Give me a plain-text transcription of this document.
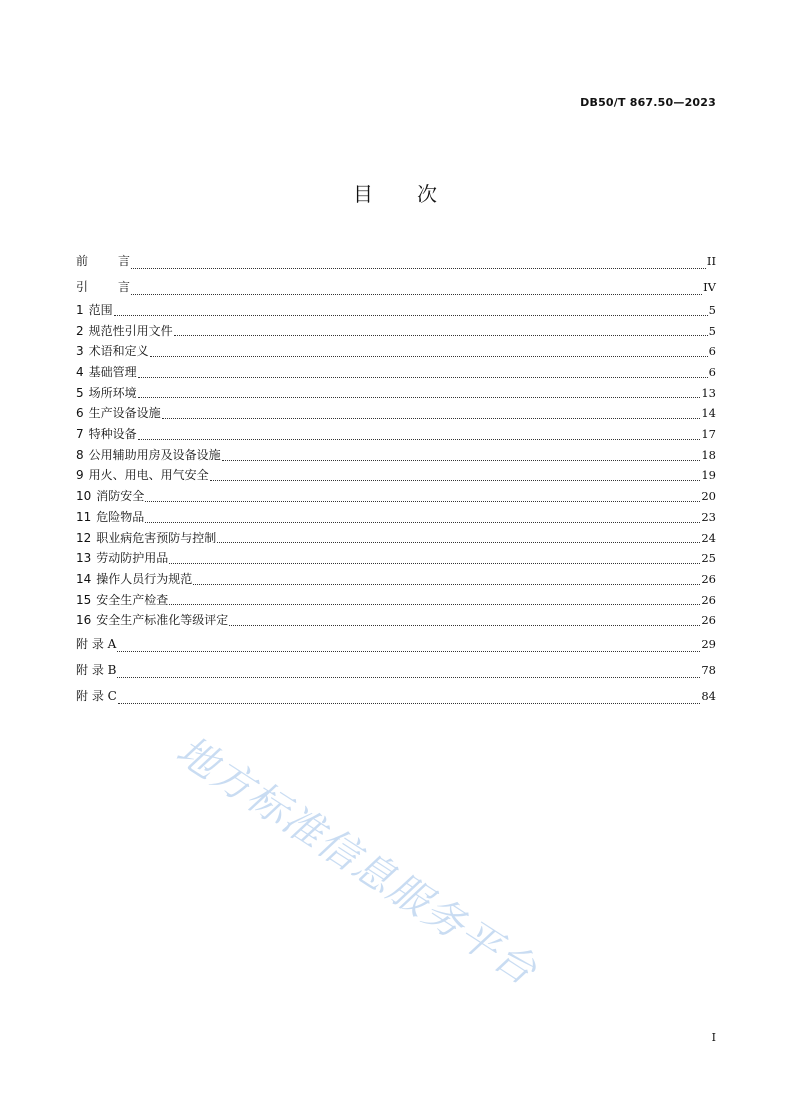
DB50/T 867.50—2023
目 次
前言	II
引言	IV
1 范围	5
2 规范性引用文件	5
3 术语和定义	6
4 基础管理	6
5 场所环境	13
6 生产设备设施	14
7 特种设备	17
8 公用辅助用房及设备设施	18
9 用火、用电、用气安全	19
10 消防安全	20
11 危险物品	23
12 职业病危害预防与控制	24
13 劳动防护用品	25
14 操作人员行为规范	26
15 安全生产检查	26
16 安全生产标准化等级评定	26
附 录 A	29
附 录 B	78
附 录 C	84
I
地方标准信息服务平台
